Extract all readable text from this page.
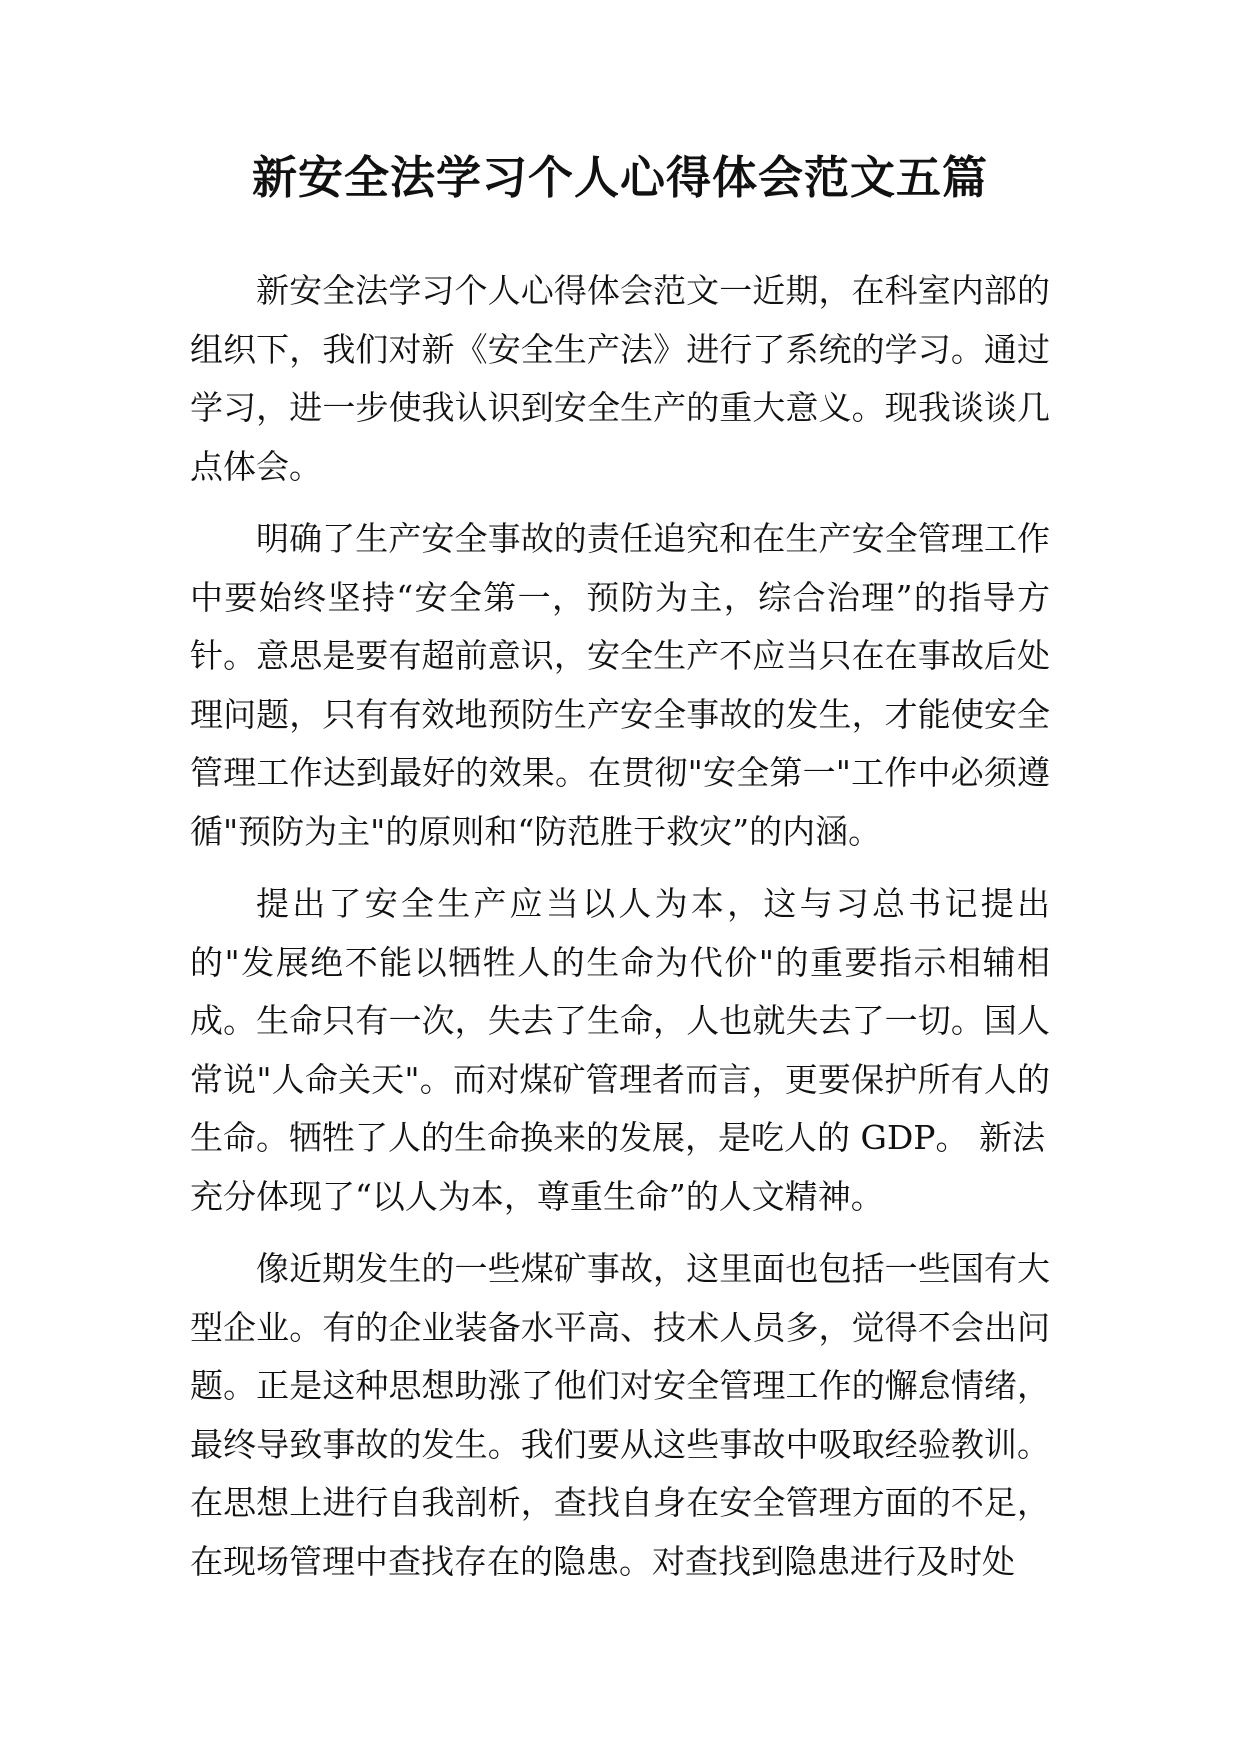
新安全法学习个人心得体会范文五篇

新安全法学习个人心得体会范文一近期，在科室内部的组织下，我们对新《安全生产法》进行了系统的学习。通过学习，进一步使我认识到安全生产的重大意义。现我谈谈几点体会。

明确了生产安全事故的责任追究和在生产安全管理工作中要始终坚持“安全第一，预防为主，综合治理”的指导方针。意思是要有超前意识，安全生产不应当只在在事故后处理问题，只有有效地预防生产安全事故的发生，才能使安全管理工作达到最好的效果。在贯彻"安全第一"工作中必须遵循"预防为主"的原则和“防范胜于救灾”的内涵。

提出了安全生产应当以人为本，这与习总书记提出的"发展绝不能以牺牲人的生命为代价"的重要指示相辅相成。生命只有一次，失去了生命，人也就失去了一切。国人常说"人命关天"。而对煤矿管理者而言，更要保护所有人的生命。牺牲了人的生命换来的发展，是吃人的 GDP。 新法

充分体现了“以人为本，尊重生命”的人文精神。

像近期发生的一些煤矿事故，这里面也包括一些国有大型企业。有的企业装备水平高、技术人员多，觉得不会出问题。正是这种思想助涨了他们对安全管理工作的懈怠情绪，最终导致事故的发生。我们要从这些事故中吸取经验教训。在思想上进行自我剖析，查找自身在安全管理方面的不足，在现场管理中查找存在的隐患。对查找到隐患进行及时处
